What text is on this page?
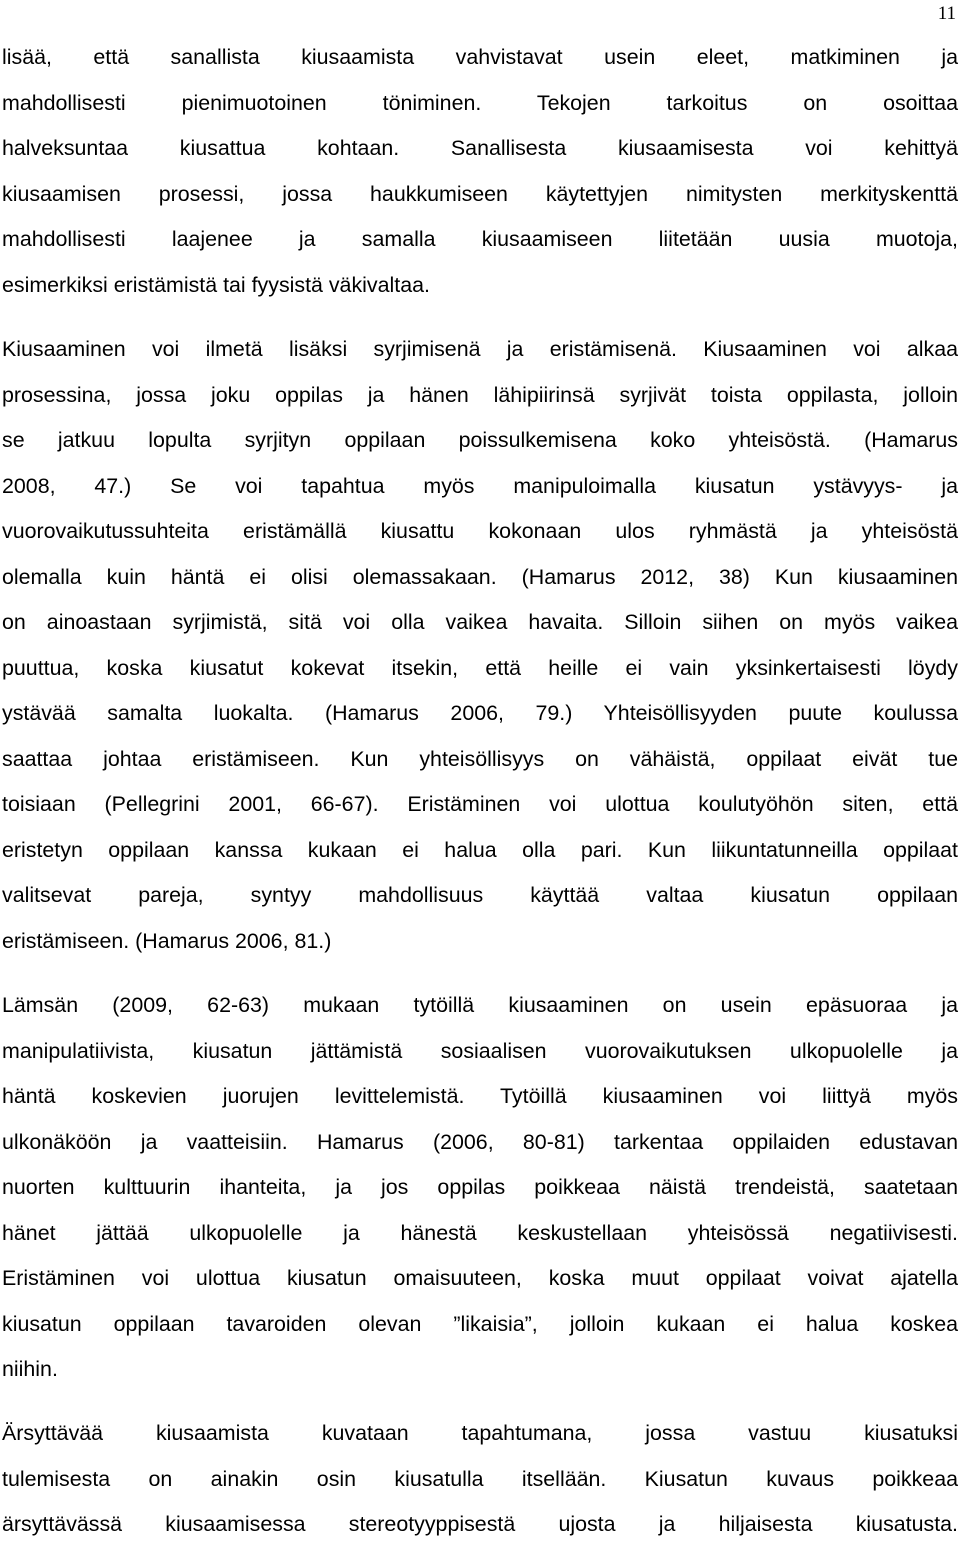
11
lisää, että sanallista kiusaamista vahvistavat usein eleet, matkiminen ja
mahdollisesti pienimuotoinen töniminen. Tekojen tarkoitus on osoittaa
halveksuntaa kiusattua kohtaan. Sanallisesta kiusaamisesta voi kehittyä
kiusaamisen prosessi, jossa haukkumiseen käytettyjen nimitysten merkityskenttä
mahdollisesti laajenee ja samalla kiusaamiseen liitetään uusia muotoja,
esimerkiksi eristämistä tai fyysistä väkivaltaa.
Kiusaaminen voi ilmetä lisäksi syrjimisenä ja eristämisenä. Kiusaaminen voi alkaa
prosessina, jossa joku oppilas ja hänen lähipiirinsä syrjivät toista oppilasta, jolloin
se jatkuu lopulta syrjityn oppilaan poissulkemisena koko yhteisöstä. (Hamarus
2008, 47.) Se voi tapahtua myös manipuloimalla kiusatun ystävyys- ja
vuorovaikutussuhteita eristämällä kiusattu kokonaan ulos ryhmästä ja yhteisöstä
olemalla kuin häntä ei olisi olemassakaan. (Hamarus 2012, 38) Kun kiusaaminen
on ainoastaan syrjimistä, sitä voi olla vaikea havaita. Silloin siihen on myös vaikea
puuttua, koska kiusatut kokevat itsekin, että heille ei vain yksinkertaisesti löydy
ystävää samalta luokalta. (Hamarus 2006, 79.) Yhteisöllisyyden puute koulussa
saattaa johtaa eristämiseen. Kun yhteisöllisyys on vähäistä, oppilaat eivät tue
toisiaan (Pellegrini 2001, 66-67). Eristäminen voi ulottua koulutyöhön siten, että
eristetyn oppilaan kanssa kukaan ei halua olla pari. Kun liikuntatunneilla oppilaat
valitsevat pareja, syntyy mahdollisuus käyttää valtaa kiusatun oppilaan
eristämiseen. (Hamarus 2006, 81.)
Lämsän (2009, 62-63) mukaan tytöillä kiusaaminen on usein epäsuoraa ja
manipulatiivista, kiusatun jättämistä sosiaalisen vuorovaikutuksen ulkopuolelle ja
häntä koskevien juorujen levittelemistä. Tytöillä kiusaaminen voi liittyä myös
ulkonäköön ja vaatteisiin. Hamarus (2006, 80-81) tarkentaa oppilaiden edustavan
nuorten kulttuurin ihanteita, ja jos oppilas poikkeaa näistä trendeistä, saatetaan
hänet jättää ulkopuolelle ja hänestä keskustellaan yhteisössä negatiivisesti.
Eristäminen voi ulottua kiusatun omaisuuteen, koska muut oppilaat voivat ajatella
kiusatun oppilaan tavaroiden olevan ”likaisia”, jolloin kukaan ei halua koskea
niihin.
Ärsyttävää kiusaamista kuvataan tapahtumana, jossa vastuu kiusatuksi
tulemisesta on ainakin osin kiusatulla itsellään. Kiusatun kuvaus poikkeaa
ärsyttävässä kiusaamisessa stereotyyppisestä ujosta ja hiljaisesta kiusatusta.
